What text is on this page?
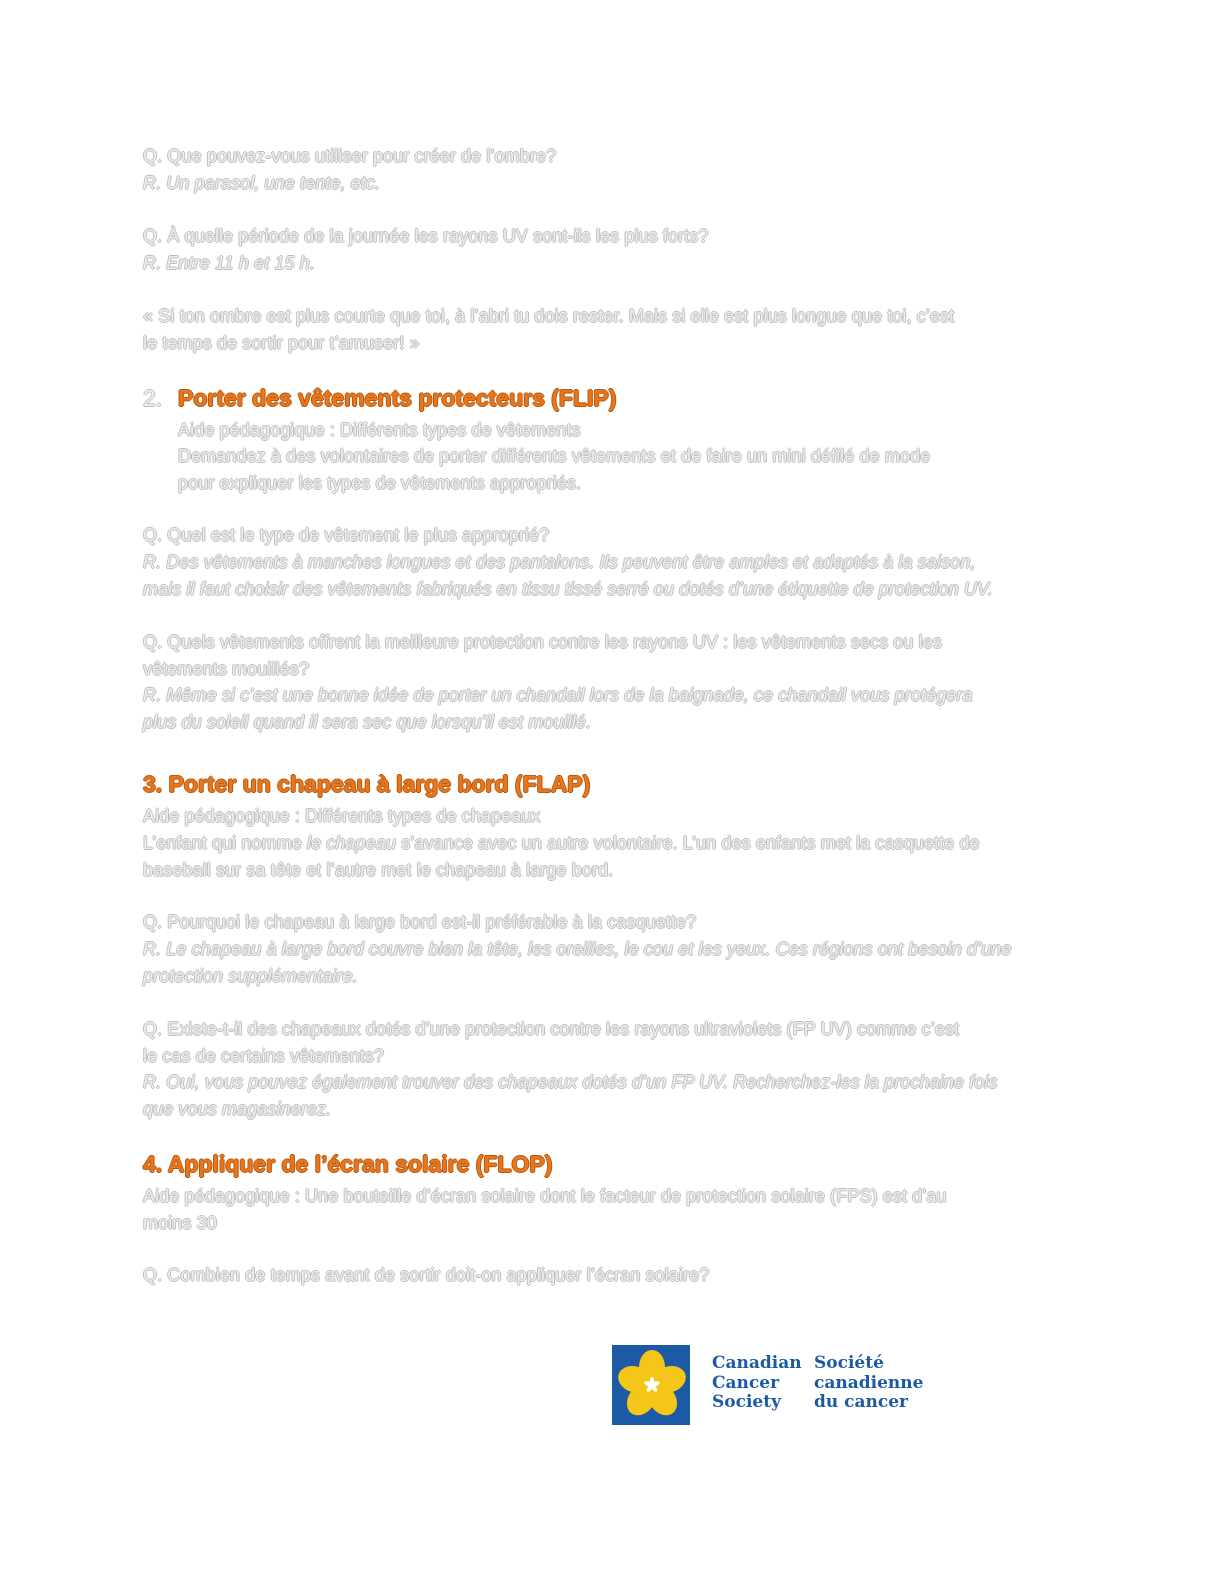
Q. Que pouvez-vous utiliser pour créer de l’ombre?
R. Un parasol, une tente, etc.
Q. À quelle période de la journée les rayons UV sont-ils les plus forts?
R. Entre 11 h et 15 h.
« Si ton ombre est plus courte que toi, à l’abri tu dois rester. Mais si elle est plus longue que toi, c’est
le temps de sortir pour t’amuser! »
2. Porter des vêtements protecteurs (FLIP)
Aide pédagogique : Différents types de vêtements
Demandez à des volontaires de porter différents vêtements et de faire un mini défilé de mode
pour expliquer les types de vêtements appropriés.
Q. Quel est le type de vêtement le plus approprié?
R. Des vêtements à manches longues et des pantalons. Ils peuvent être amples et adaptés à la saison,
mais il faut choisir des vêtements fabriqués en tissu tissé serré ou dotés d’une étiquette de protection UV.
Q. Quels vêtements offrent la meilleure protection contre les rayons UV : les vêtements secs ou les
vêtements mouillés?
R. Même si c’est une bonne idée de porter un chandail lors de la baignade, ce chandail vous protégera
plus du soleil quand il sera sec que lorsqu’il est mouillé.
3. Porter un chapeau à large bord (FLAP)
Aide pédagogique : Différents types de chapeaux
L’enfant qui nomme le chapeau s’avance avec un autre volontaire. L’un des enfants met la casquette de
baseball sur sa tête et l’autre met le chapeau à large bord.
Q. Pourquoi le chapeau à large bord est-il préférable à la casquette?
R. Le chapeau à large bord couvre bien la tête, les oreilles, le cou et les yeux. Ces régions ont besoin d’une
protection supplémentaire.
Q. Existe-t-il des chapeaux dotés d’une protection contre les rayons ultraviolets (FP UV) comme c’est
le cas de certains vêtements?
R. Oui, vous pouvez également trouver des chapeaux dotés d’un FP UV. Recherchez-les la prochaine fois
que vous magasinerez.
4. Appliquer de l’écran solaire (FLOP)
Aide pédagogique : Une bouteille d’écran solaire dont le facteur de protection solaire (FPS) est d’au
moins 30
Q. Combien de temps avant de sortir doit-on appliquer l’écran solaire?
Canadian
Cancer
Society
Société
canadienne
du cancer
